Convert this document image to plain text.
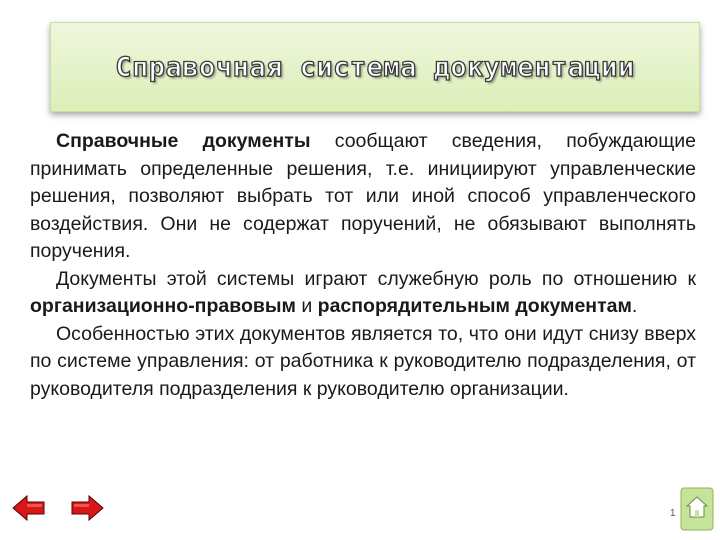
Справочная система документации

Справочные документы сообщают сведения, побуждающие принимать определенные решения, т.е. инициируют управленческие решения, позволяют выбрать тот или иной способ управленческого воздействия. Они не содержат поручений, не обязывают выполнять поручения.

Документы этой системы играют служебную роль по отношению к организационно-правовым и распорядительным документам.

Особенностью этих документов является то, что они идут снизу вверх по системе управления: от работника к руководителю подразделения, от руководителя подразделения к руководителю организации.

1
